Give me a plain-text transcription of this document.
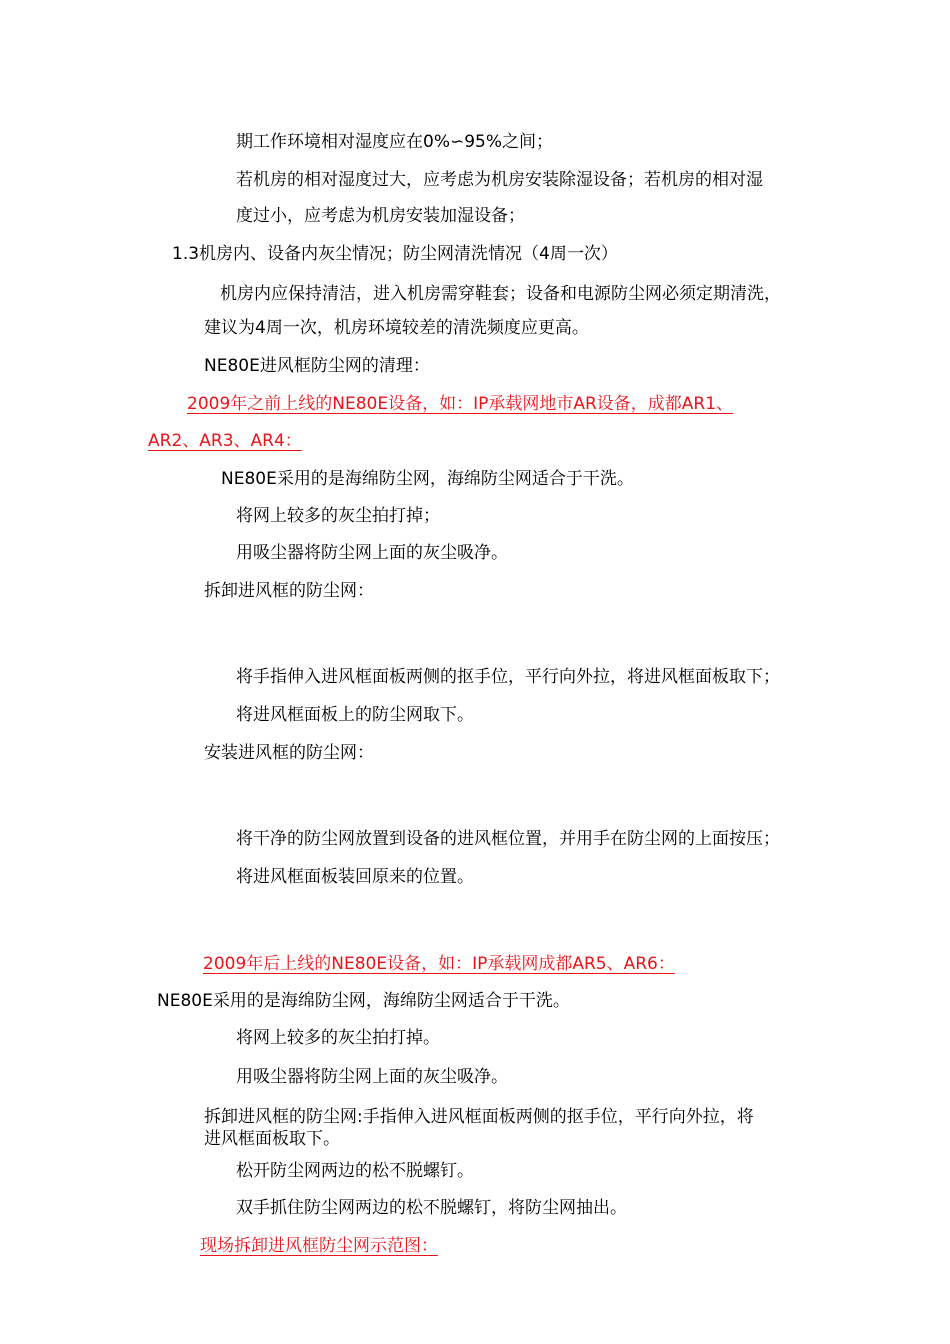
期工作环境相对湿度应在0%∽95%之间；
若机房的相对湿度过大，应考虑为机房安装除湿设备；若机房的相对湿
度过小，应考虑为机房安装加湿设备；
1.3机房内、设备内灰尘情况；防尘网清洗情况（4周一次）
机房内应保持清洁，进入机房需穿鞋套；设备和电源防尘网必须定期清洗，
建议为4周一次，机房环境较差的清洗频度应更高。
NE80E进风框防尘网的清理：
2009年之前上线的NE80E设备，如：IP承载网地市AR设备，成都AR1、
AR2、AR3、AR4：
NE80E采用的是海绵防尘网，海绵防尘网适合于干洗。
将网上较多的灰尘拍打掉；
用吸尘器将防尘网上面的灰尘吸净。
拆卸进风框的防尘网：
将手指伸入进风框面板两侧的抠手位，平行向外拉，将进风框面板取下；
将进风框面板上的防尘网取下。
安装进风框的防尘网：
将干净的防尘网放置到设备的进风框位置，并用手在防尘网的上面按压；
将进风框面板装回原来的位置。
2009年后上线的NE80E设备，如：IP承载网成都AR5、AR6：
NE80E采用的是海绵防尘网，海绵防尘网适合于干洗。
将网上较多的灰尘拍打掉。
用吸尘器将防尘网上面的灰尘吸净。
拆卸进风框的防尘网:手指伸入进风框面板两侧的抠手位，平行向外拉，将
进风框面板取下。
松开防尘网两边的松不脱螺钉。
双手抓住防尘网两边的松不脱螺钉，将防尘网抽出。
现场拆卸进风框防尘网示范图：
